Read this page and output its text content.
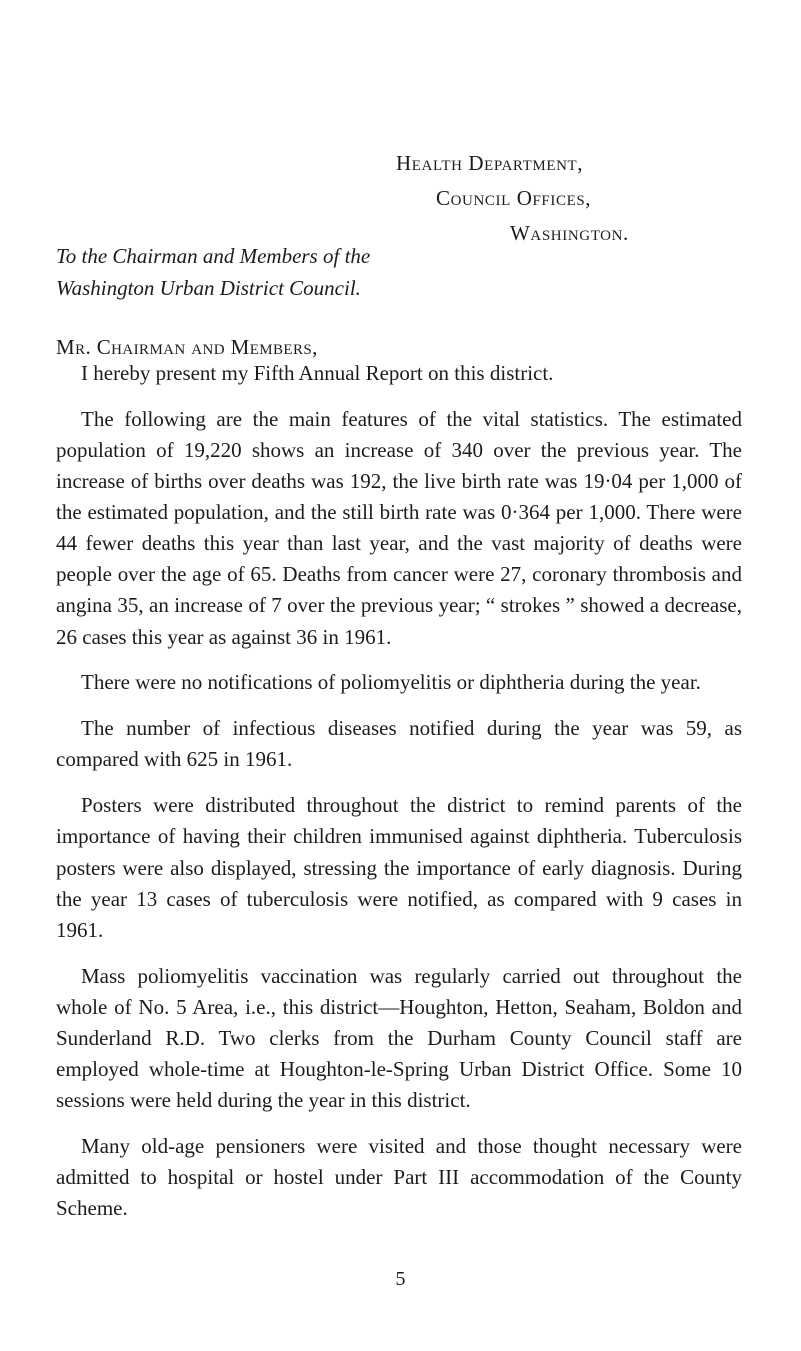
Health Department,
Council Offices,
Washington.
To the Chairman and Members of the
Washington Urban District Council.
Mr. Chairman and Members,

I hereby present my Fifth Annual Report on this district.

The following are the main features of the vital statistics. The estimated population of 19,220 shows an increase of 340 over the previous year. The increase of births over deaths was 192, the live birth rate was 19·04 per 1,000 of the estimated population, and the still birth rate was 0·364 per 1,000. There were 44 fewer deaths this year than last year, and the vast majority of deaths were people over the age of 65. Deaths from cancer were 27, coronary thrombosis and angina 35, an increase of 7 over the previous year; “ strokes ” showed a decrease, 26 cases this year as against 36 in 1961.

There were no notifications of poliomyelitis or diphtheria during the year.

The number of infectious diseases notified during the year was 59, as compared with 625 in 1961.

Posters were distributed throughout the district to remind parents of the importance of having their children immunised against diphtheria. Tuberculosis posters were also displayed, stressing the importance of early diagnosis. During the year 13 cases of tuberculosis were notified, as compared with 9 cases in 1961.

Mass poliomyelitis vaccination was regularly carried out throughout the whole of No. 5 Area, i.e., this district—Houghton, Hetton, Seaham, Boldon and Sunderland R.D. Two clerks from the Durham County Council staff are employed whole-time at Houghton-le-Spring Urban District Office. Some 10 sessions were held during the year in this district.

Many old-age pensioners were visited and those thought necessary were admitted to hospital or hostel under Part III accommodation of the County Scheme.

5
